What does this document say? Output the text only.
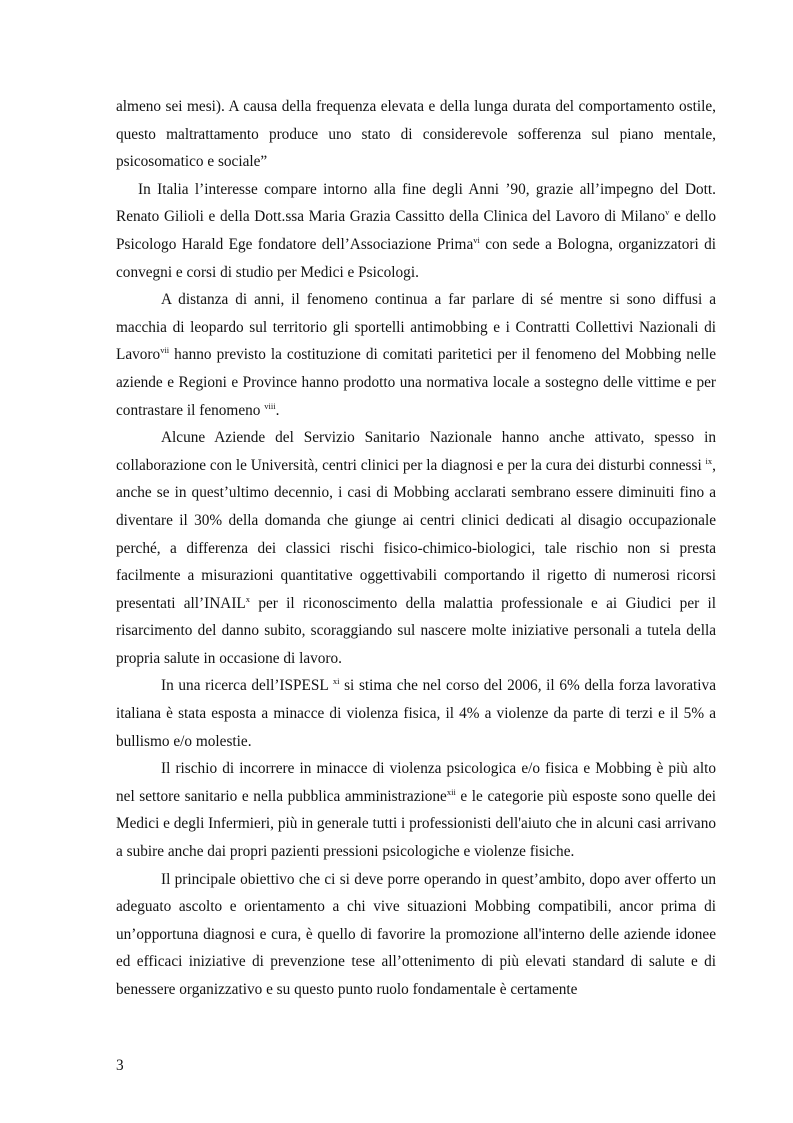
almeno sei mesi). A causa della frequenza elevata e della lunga durata del comportamento ostile, questo maltrattamento produce uno stato di considerevole sofferenza sul piano mentale, psicosomatico e sociale”

In Italia l’interesse compare intorno alla fine degli Anni ’90, grazie all’impegno del Dott. Renato Gilioli e della Dott.ssa Maria Grazia Cassitto della Clinica del Lavoro di Milano$^v$ e dello Psicologo Harald Ege fondatore dell’Associazione Prima$^{vi}$ con sede a Bologna, organizzatori di convegni e corsi di studio per Medici e Psicologi.

A distanza di anni, il fenomeno continua a far parlare di sé mentre si sono diffusi a macchia di leopardo sul territorio gli sportelli antimobbing e i Contratti Collettivi Nazionali di Lavoro$^{vii}$ hanno previsto la costituzione di comitati paritetici per il fenomeno del Mobbing nelle aziende e Regioni e Province hanno prodotto una normativa locale a sostegno delle vittime e per contrastare il fenomeno $^{viii}$.

Alcune Aziende del Servizio Sanitario Nazionale hanno anche attivato, spesso in collaborazione con le Università, centri clinici per la diagnosi e per la cura dei disturbi connessi $^{ix}$, anche se in quest’ultimo decennio, i casi di Mobbing acclarati sembrano essere diminuiti fino a diventare il 30% della domanda che giunge ai centri clinici dedicati al disagio occupazionale perché, a differenza dei classici rischi fisico-chimico-biologici, tale rischio non si presta facilmente a misurazioni quantitative oggettivabili comportando il rigetto di numerosi ricorsi presentati all’INAIL$^x$ per il riconoscimento della malattia professionale e ai Giudici per il risarcimento del danno subito, scoraggiando sul nascere molte iniziative personali a tutela della propria salute in occasione di lavoro.

In una ricerca dell’ISPESL $^{xi}$ si stima che nel corso del 2006, il 6% della forza lavorativa italiana è stata esposta a minacce di violenza fisica, il 4% a violenze da parte di terzi e il 5% a bullismo e/o molestie.

Il rischio di incorrere in minacce di violenza psicologica e/o fisica e Mobbing è più alto nel settore sanitario e nella pubblica amministrazione$^{xii}$ e le categorie più esposte sono quelle dei Medici e degli Infermieri, più in generale tutti i professionisti dell'aiuto che in alcuni casi arrivano a subire anche dai propri pazienti pressioni psicologiche e violenze fisiche.

Il principale obiettivo che ci si deve porre operando in quest’ambito, dopo aver offerto un adeguato ascolto e orientamento a chi vive situazioni Mobbing compatibili, ancor prima di un’opportuna diagnosi e cura, è quello di favorire la promozione all'interno delle aziende idonee ed efficaci iniziative di prevenzione tese all’ottenimento di più elevati standard di salute e di benessere organizzativo e su questo punto ruolo fondamentale è certamente

3
